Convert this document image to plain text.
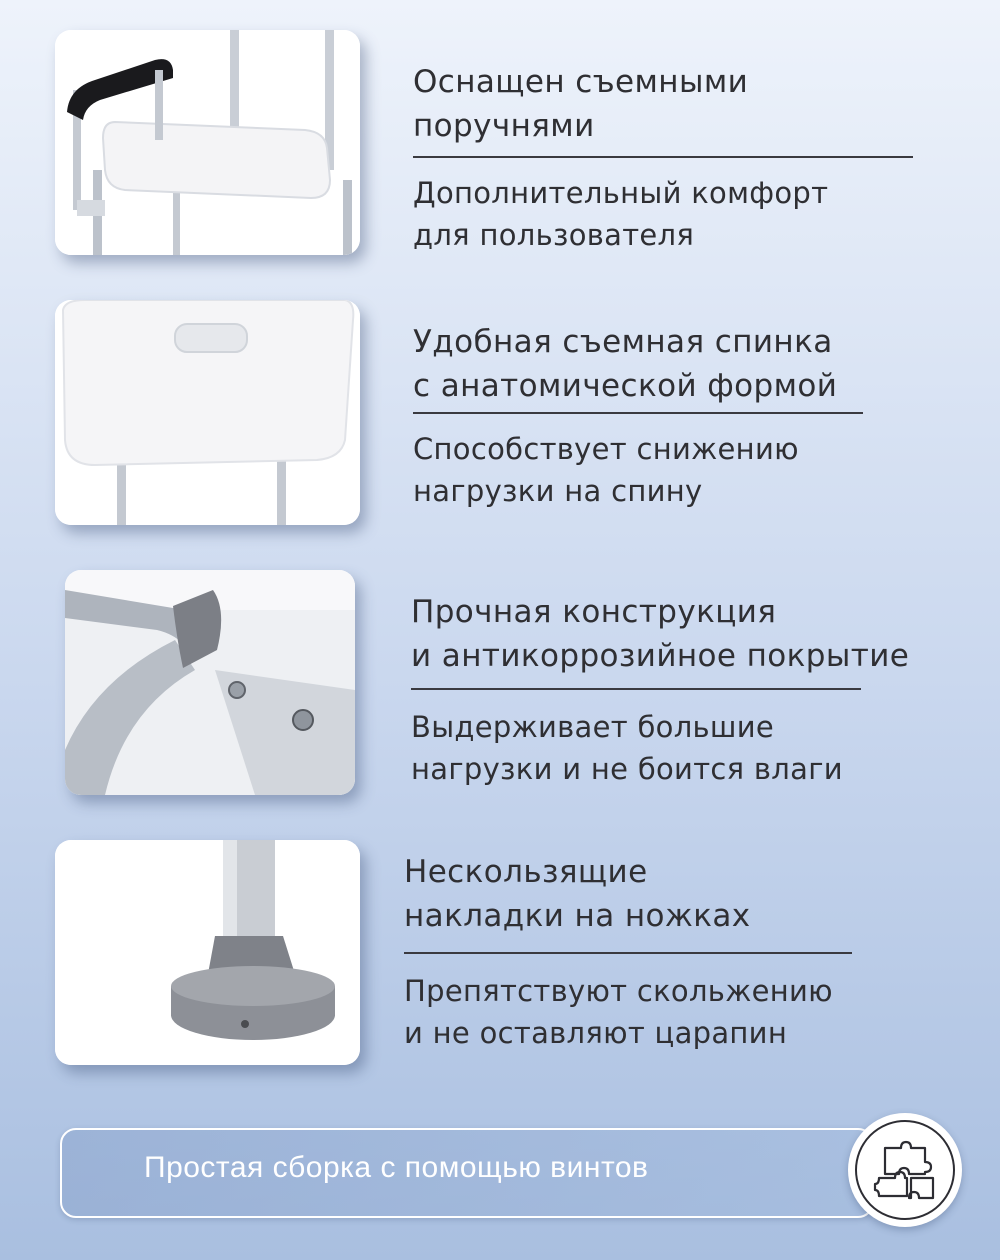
Оснащен съемными
поручнями
Дополнительный комфорт
для пользователя
Удобная съемная спинка
с анатомической формой
Способствует снижению
нагрузки на спину
Прочная конструкция
и антикоррозийное покрытие
Выдерживает большие
нагрузки и не боится влаги
Нескользящие
накладки на ножках
Препятствуют скольжению
и не оставляют царапин
Простая сборка с помощью винтов
